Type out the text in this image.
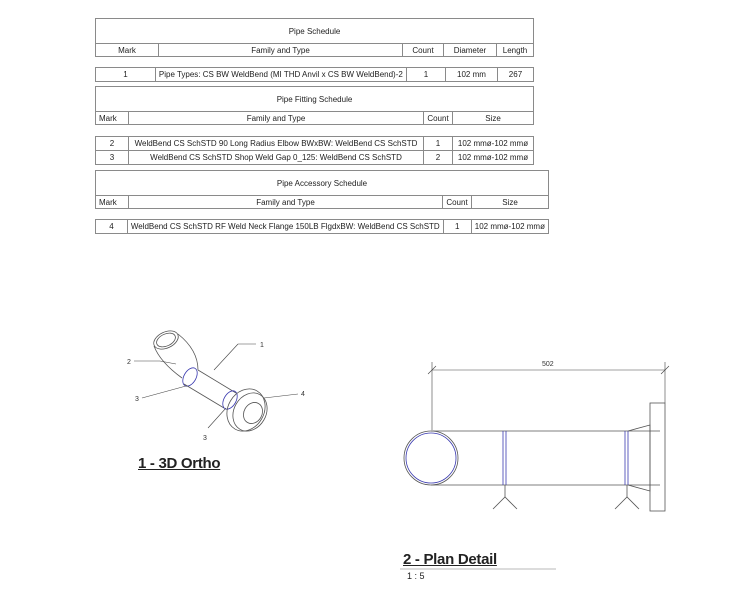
Pipe Schedule
Mark	Family and Type	Count	Diameter	Length
1	Pipe Types: CS BW WeldBend (MI THD Anvil x CS BW WeldBend)-2	1	102 mm	267
Pipe Fitting Schedule
Mark	Family and Type	Count	Size
2	WeldBend CS SchSTD 90 Long Radius Elbow BWxBW: WeldBend CS SchSTD	1	102 mmø-102 mmø
3	WeldBend CS SchSTD Shop Weld Gap 0_125: WeldBend CS SchSTD	2	102 mmø-102 mmø
Pipe Accessory Schedule
Mark	Family and Type	Count	Size
4	WeldBend CS SchSTD RF Weld Neck Flange 150LB FlgdxBW: WeldBend CS SchSTD	1	102 mmø-102 mmø
1
2
3
3
4
502
1 - 3D Ortho
2 - Plan Detail
1 : 5
